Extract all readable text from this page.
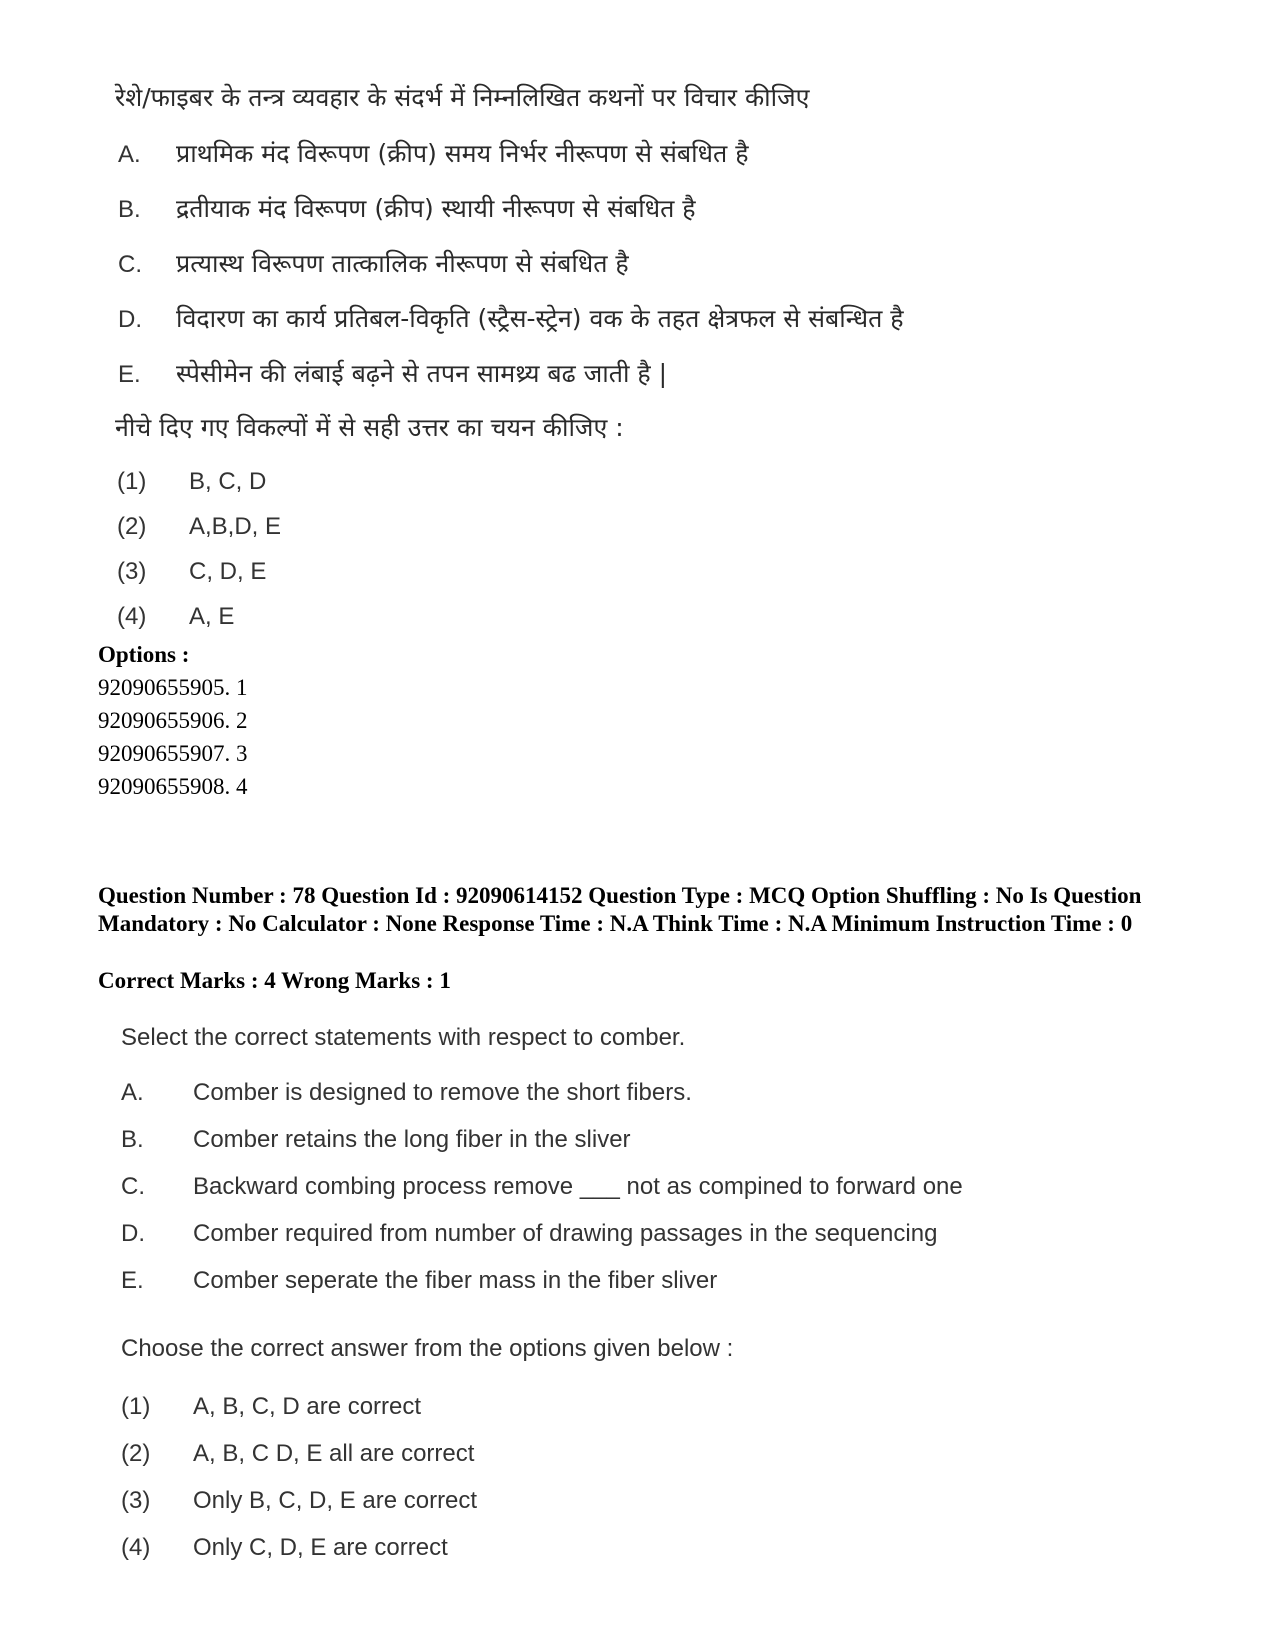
रेशे/फाइबर के तन्त्र व्यवहार के संदर्भ में निम्नलिखित कथनों पर विचार कीजिए
A.	प्राथमिक मंद विरूपण (क्रीप) समय निर्भर नीरूपण से संबधित है
B.	द्रतीयाक मंद विरूपण (क्रीप) स्थायी नीरूपण से संबधित है
C.	प्रत्यास्थ विरूपण तात्कालिक नीरूपण से संबधित है
D.	विदारण का कार्य प्रतिबल-विकृति (स्ट्रैस-स्ट्रेन) वक के तहत क्षेत्रफल से संबन्धित है
E.	स्पेसीमेन की लंबाई बढ़ने से तपन सामथ्र्य बढ जाती है |
नीचे दिए गए विकल्पों में से सही उत्तर का चयन कीजिए :
(1)	B, C, D
(2)	A,B,D, E
(3)	C, D, E
(4)	A, E
Options :
92090655905. 1
92090655906. 2
92090655907. 3
92090655908. 4
Question Number : 78 Question Id : 92090614152 Question Type : MCQ Option Shuffling : No Is Question Mandatory : No Calculator : None Response Time : N.A Think Time : N.A Minimum Instruction Time : 0
Correct Marks : 4 Wrong Marks : 1
Select the correct statements with respect to comber.
A.	Comber is designed to remove the short fibers.
B.	Comber retains the long fiber in the sliver
C.	Backward combing process remove ___ not as compined to forward one
D.	Comber required from number of drawing passages in the sequencing
E.	Comber seperate the fiber mass in the fiber sliver
Choose the correct answer from the options given below :
(1)	A, B, C, D are correct
(2)	A, B, C D, E all are correct
(3)	Only B, C, D, E are correct
(4)	Only C, D, E are correct
